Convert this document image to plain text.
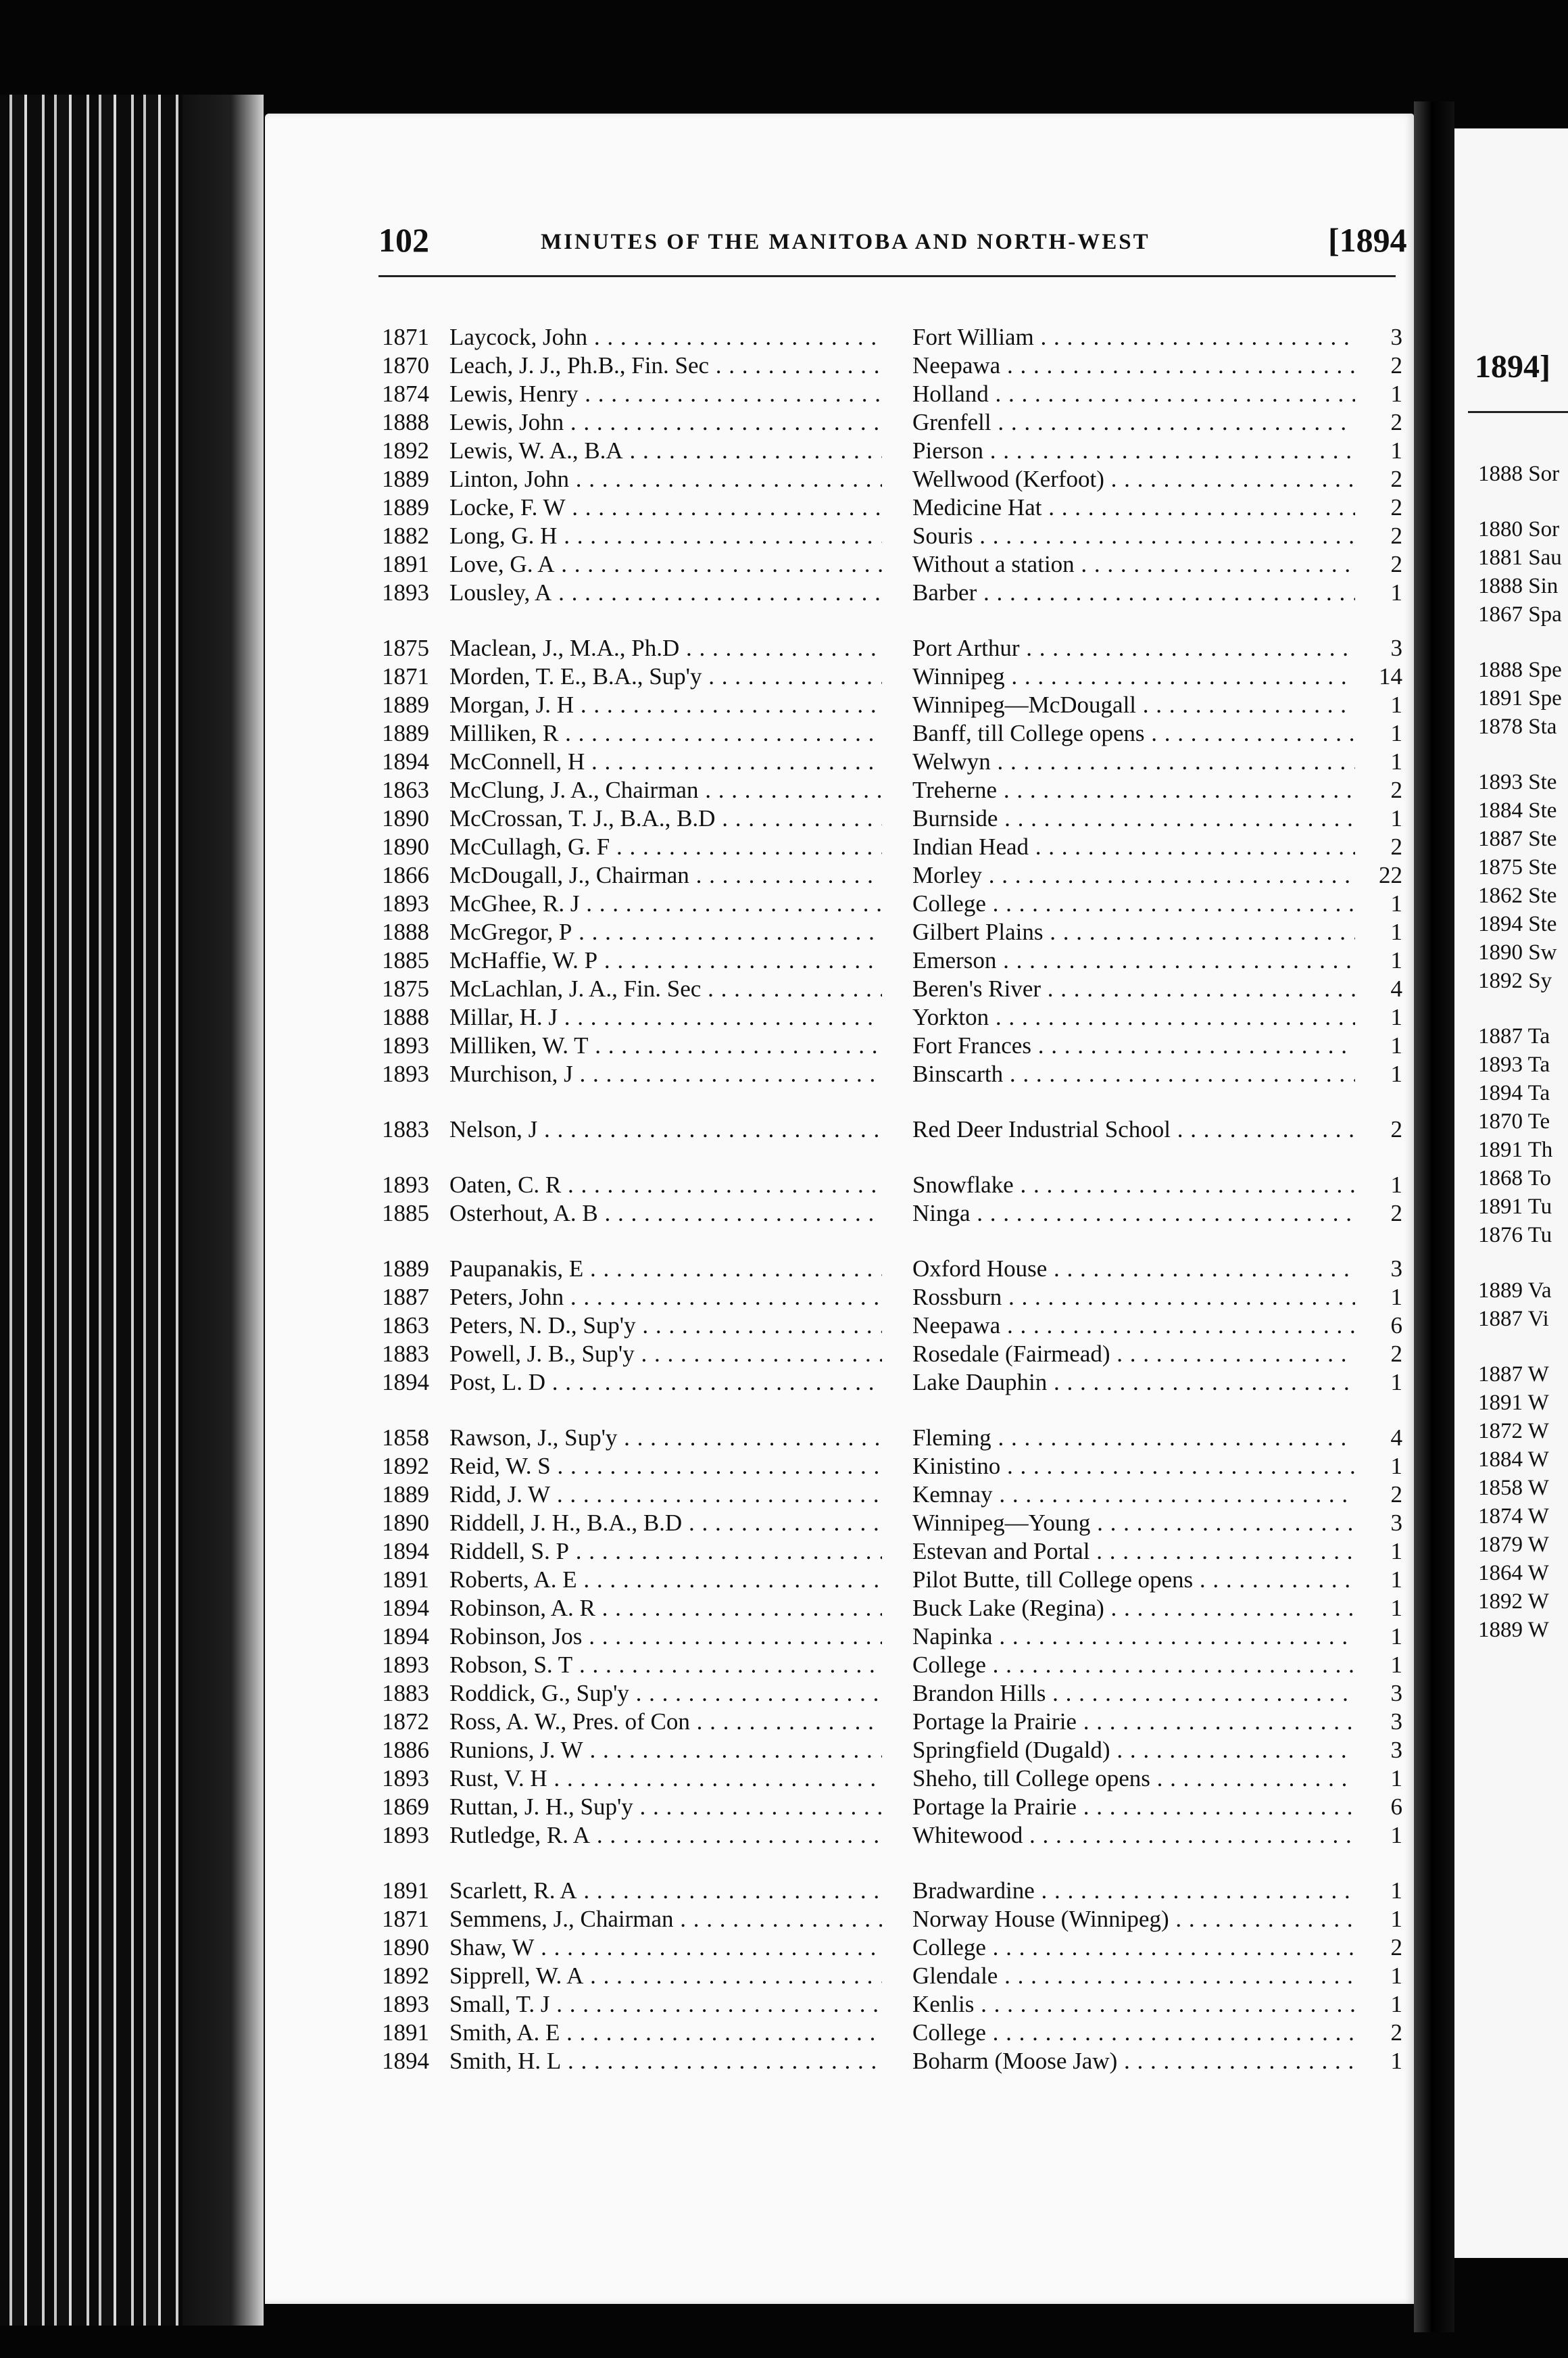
1894]
1888 Sor
1880 Sor
1881 Sau
1888 Sin
1867 Spa
1888 Spe
1891 Spe
1878 Sta
1893 Ste
1884 Ste
1887 Ste
1875 Ste
1862 Ste
1894 Ste
1890 Sw
1892 Sy
1887 Ta
1893 Ta
1894 Ta
1870 Te
1891 Th
1868 To
1891 Tu
1876 Tu
1889 Va
1887 Vi
1887 W
1891 W
1872 W
1884 W
1858 W
1874 W
1879 W
1864 W
1892 W
1889 W
102	MINUTES OF THE MANITOBA AND NORTH-WEST	[1894
1871 Laycock, John . . .	Fort William . . .	3
1870 Leach, J. J., Ph.B., Fin. Sec . . .	Neepawa . . .	2
1874 Lewis, Henry . . .	Holland . . .	1
1888 Lewis, John . . .	Grenfell . . .	2
1892 Lewis, W. A., B.A . . .	Pierson . . .	1
1889 Linton, John . . .	Wellwood (Kerfoot) . . .	2
1889 Locke, F. W . . .	Medicine Hat . . .	2
1882 Long, G. H . . .	Souris . . .	2
1891 Love, G. A . . .	Without a station . . .	2
1893 Lousley, A . . .	Barber . . .	1
1875 Maclean, J., M.A., Ph.D . . .	Port Arthur . . .	3
1871 Morden, T. E., B.A., Sup'y . . .	Winnipeg . . .	14
1889 Morgan, J. H . . .	Winnipeg—McDougall . . .	1
1889 Milliken, R . . .	Banff, till College opens . . .	1
1894 McConnell, H . . .	Welwyn . . .	1
1863 McClung, J. A., Chairman . . .	Treherne . . .	2
1890 McCrossan, T. J., B.A., B.D . . .	Burnside . . .	1
1890 McCullagh, G. F . . .	Indian Head . . .	2
1866 McDougall, J., Chairman . . .	Morley . . .	22
1893 McGhee, R. J . . .	College . . .	1
1888 McGregor, P . . .	Gilbert Plains . . .	1
1885 McHaffie, W. P . . .	Emerson . . .	1
1875 McLachlan, J. A., Fin. Sec . . .	Beren's River . . .	4
1888 Millar, H. J . . .	Yorkton . . .	1
1893 Milliken, W. T . . .	Fort Frances . . .	1
1893 Murchison, J . . .	Binscarth . . .	1
1883 Nelson, J . . .	Red Deer Industrial School . . .	2
1893 Oaten, C. R . . .	Snowflake . . .	1
1885 Osterhout, A. B . . .	Ninga . . .	2
1889 Paupanakis, E . . .	Oxford House . . .	3
1887 Peters, John . . .	Rossburn . . .	1
1863 Peters, N. D., Sup'y . . .	Neepawa . . .	6
1883 Powell, J. B., Sup'y . . .	Rosedale (Fairmead) . . .	2
1894 Post, L. D . . .	Lake Dauphin . . .	1
1858 Rawson, J., Sup'y . . .	Fleming . . .	4
1892 Reid, W. S . . .	Kinistino . . .	1
1889 Ridd, J. W . . .	Kemnay . . .	2
1890 Riddell, J. H., B.A., B.D . . .	Winnipeg—Young . . .	3
1894 Riddell, S. P . . .	Estevan and Portal . . .	1
1891 Roberts, A. E . . .	Pilot Butte, till College opens . . .	1
1894 Robinson, A. R . . .	Buck Lake (Regina) . . .	1
1894 Robinson, Jos . . .	Napinka . . .	1
1893 Robson, S. T . . .	College . . .	1
1883 Roddick, G., Sup'y . . .	Brandon Hills . . .	3
1872 Ross, A. W., Pres. of Con . . .	Portage la Prairie . . .	3
1886 Runions, J. W . . .	Springfield (Dugald) . . .	3
1893 Rust, V. H . . .	Sheho, till College opens . . .	1
1869 Ruttan, J. H., Sup'y . . .	Portage la Prairie . . .	6
1893 Rutledge, R. A . . .	Whitewood . . .	1
1891 Scarlett, R. A . . .	Bradwardine . . .	1
1871 Semmens, J., Chairman . . .	Norway House (Winnipeg) . . .	1
1890 Shaw, W . . .	College . . .	2
1892 Sipprell, W. A . . .	Glendale . . .	1
1893 Small, T. J . . .	Kenlis . . .	1
1891 Smith, A. E . . .	College . . .	2
1894 Smith, H. L . . .	Boharm (Moose Jaw) . . .	1
